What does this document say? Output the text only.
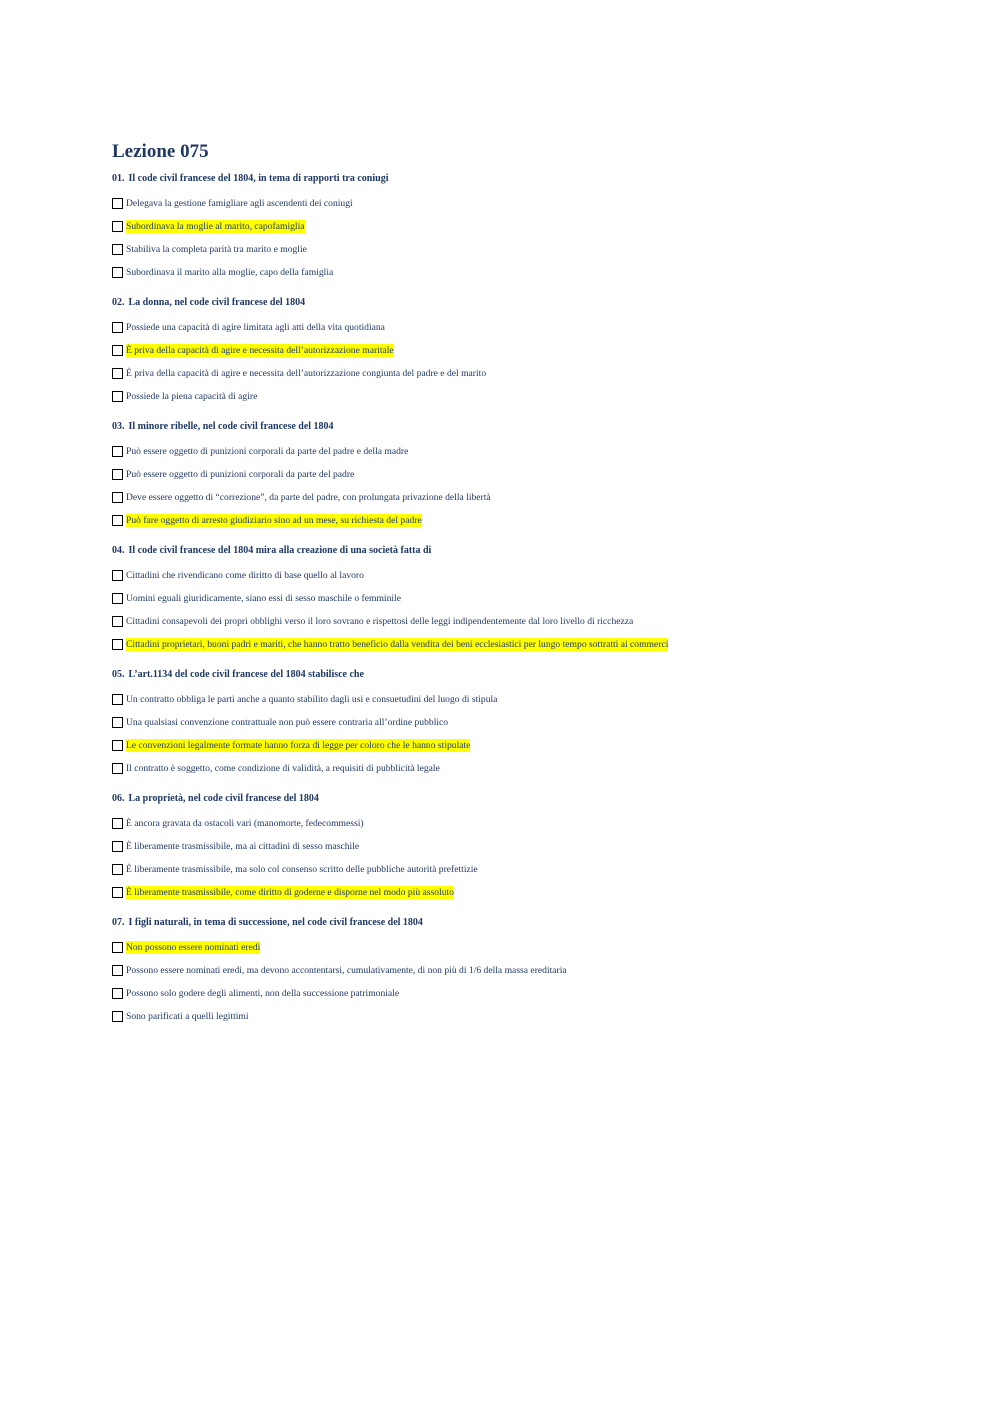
Lezione 075
01. Il code civil francese del 1804, in tema di rapporti tra coniugi
Delegava la gestione famigliare agli ascendenti dei coniugi
Subordinava la moglie al marito, capofamiglia
Stabiliva la completa parità tra marito e moglie
Subordinava il marito alla moglie, capo della famiglia
02. La donna, nel code civil francese del 1804
Possiede una capacità di agire limitata agli atti della vita quotidiana
È priva della capacità di agire e necessita dell’autorizzazione maritale
È priva della capacità di agire e necessita dell’autorizzazione congiunta del padre e del marito
Possiede la piena capacità di agire
03. Il minore ribelle, nel code civil francese del 1804
Può essere oggetto di punizioni corporali da parte del padre e della madre
Può essere oggetto di punizioni corporali da parte del padre
Deve essere oggetto di “correzione”, da parte del padre, con prolungata privazione della libertà
Può fare oggetto di arresto giudiziario sino ad un mese, su richiesta del padre
04. Il code civil francese del 1804 mira alla creazione di una società fatta di
Cittadini che rivendicano come diritto di base quello al lavoro
Uomini eguali giuridicamente, siano essi di sesso maschile o femminile
Cittadini consapevoli dei propri obblighi verso il loro sovrano e rispettosi delle leggi indipendentemente dal loro livello di ricchezza
Cittadini proprietari, buoni padri e mariti, che hanno tratto beneficio dalla vendita dei beni ecclesiastici per lungo tempo sottratti ai commerci
05. L’art.1134 del code civil francese del 1804 stabilisce che
Un contratto obbliga le parti anche a quanto stabilito dagli usi e consuetudini del luogo di stipula
Una qualsiasi convenzione contrattuale non può essere contraria all’ordine pubblico
Le convenzioni legalmente formate hanno forza di legge per coloro che le hanno stipulate
Il contratto è soggetto, come condizione di validità, a requisiti di pubblicità legale
06. La proprietà, nel code civil francese del 1804
È ancora gravata da ostacoli vari (manomorte, fedecommessi)
È liberamente trasmissibile, ma ai cittadini di sesso maschile
È liberamente trasmissibile, ma solo col consenso scritto delle pubbliche autorità prefettizie
È liberamente trasmissibile, come diritto di goderne e disporne nel modo più assoluto
07. I figli naturali, in tema di successione, nel code civil francese del 1804
Non possono essere nominati eredi
Possono essere nominati eredi, ma devono accontentarsi, cumulativamente, di non più di 1/6 della massa ereditaria
Possono solo godere degli alimenti, non della successione patrimoniale
Sono parificati a quelli legittimi
